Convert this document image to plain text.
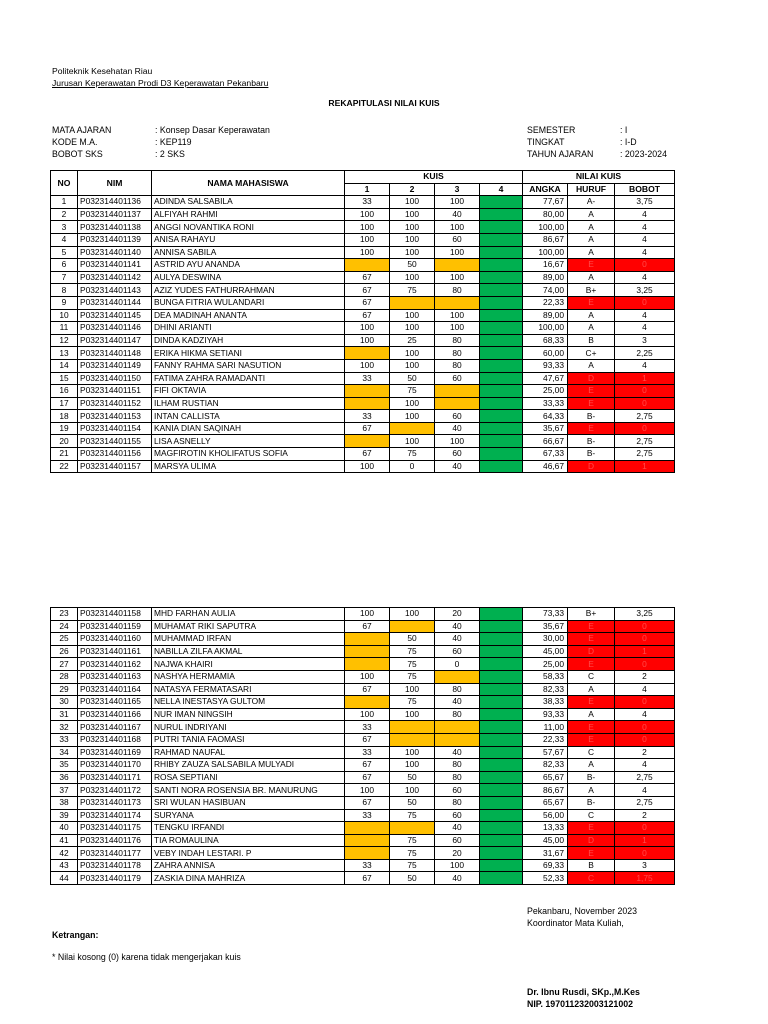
Politeknik Kesehatan Riau
Jurusan Keperawatan Prodi D3 Keperawatan Pekanbaru
REKAPITULASI NILAI KUIS
MATA AJARAN	: Konsep Dasar Keperawatan
KODE M.A.	: KEP119
BOBOT SKS	: 2 SKS
SEMESTER	: I
TINGKAT	: I-D
TAHUN AJARAN	: 2023-2024
NO	NIM	NAMA MAHASISWA	KUIS				NILAI KUIS		
			1	2	3	4	ANGKA	HURUF	BOBOT
1	P032314401136	ADINDA SALSABILA	33	100	100		77,67	A-	3,75
2	P032314401137	ALFIYAH RAHMI	100	100	40		80,00	A	4
3	P032314401138	ANGGI NOVANTIKA RONI	100	100	100		100,00	A	4
4	P032314401139	ANISA RAHAYU	100	100	60		86,67	A	4
5	P032314401140	ANNISA SABILA	100	100	100		100,00	A	4
6	P032314401141	ASTRID AYU ANANDA		50			16,67	E	0
7	P032314401142	AULYA DESWINA	67	100	100		89,00	A	4
8	P032314401143	AZIZ YUDES FATHURRAHMAN	67	75	80		74,00	B+	3,25
9	P032314401144	BUNGA FITRIA WULANDARI	67				22,33	E	0
10	P032314401145	DEA MADINAH ANANTA	67	100	100		89,00	A	4
11	P032314401146	DHINI ARIANTI	100	100	100		100,00	A	4
12	P032314401147	DINDA KADZIYAH	100	25	80		68,33	B	3
13	P032314401148	ERIKA HIKMA SETIANI		100	80		60,00	C+	2,25
14	P032314401149	FANNY RAHMA SARI NASUTION	100	100	80		93,33	A	4
15	P032314401150	FATIMA ZAHRA RAMADANTI	33	50	60		47,67	D	1
16	P032314401151	FIFI OKTAVIA		75			25,00	E	0
17	P032314401152	ILHAM RUSTIAN		100			33,33	E	0
18	P032314401153	INTAN CALLISTA	33	100	60		64,33	B-	2,75
19	P032314401154	KANIA DIAN SAQINAH	67		40		35,67	E	0
20	P032314401155	LISA ASNELLY		100	100		66,67	B-	2,75
21	P032314401156	MAGFIROTIN KHOLIFATUS SOFIA	67	75	60		67,33	B-	2,75
22	P032314401157	MARSYA ULIMA	100	0	40		46,67	D	1
23	P032314401158	MHD FARHAN AULIA	100	100	20		73,33	B+	3,25
24	P032314401159	MUHAMAT RIKI SAPUTRA	67		40		35,67	E	0
25	P032314401160	MUHAMMAD IRFAN		50	40		30,00	E	0
26	P032314401161	NABILLA ZILFA AKMAL		75	60		45,00	D	1
27	P032314401162	NAJWA KHAIRI		75	0		25,00	E	0
28	P032314401163	NASHYA HERMAMIA	100	75			58,33	C	2
29	P032314401164	NATASYA FERMATASARI	67	100	80		82,33	A	4
30	P032314401165	NELLA INESTASYA GULTOM		75	40		38,33	E	0
31	P032314401166	NUR IMAN NINGSIH	100	100	80		93,33	A	4
32	P032314401167	NURUL INDRIYANI	33				11,00	E	0
33	P032314401168	PUTRI TANIA FAOMASI	67				22,33	E	0
34	P032314401169	RAHMAD NAUFAL	33	100	40		57,67	C	2
35	P032314401170	RHIBY ZAUZA SALSABILA MULYADI	67	100	80		82,33	A	4
36	P032314401171	ROSA SEPTIANI	67	50	80		65,67	B-	2,75
37	P032314401172	SANTI NORA ROSENSIA BR. MANURUNG	100	100	60		86,67	A	4
38	P032314401173	SRI WULAN HASIBUAN	67	50	80		65,67	B-	2,75
39	P032314401174	SURYANA	33	75	60		56,00	C	2
40	P032314401175	TENGKU IRFANDI			40		13,33	E	0
41	P032314401176	TIA ROMAULINA		75	60		45,00	D	1
42	P032314401177	VEBY INDAH LESTARI. P		75	20		31,67	E	0
43	P032314401178	ZAHRA ANNISA	33	75	100		69,33	B	3
44	P032314401179	ZASKIA DINA MAHRIZA	67	50	40		52,33	C	1,75
Pekanbaru, November 2023
Koordinator Mata Kuliah,
Ketrangan:
* Nilai kosong (0) karena tidak mengerjakan kuis
Dr. Ibnu Rusdi, SKp.,M.Kes
NIP. 197011232003121002
